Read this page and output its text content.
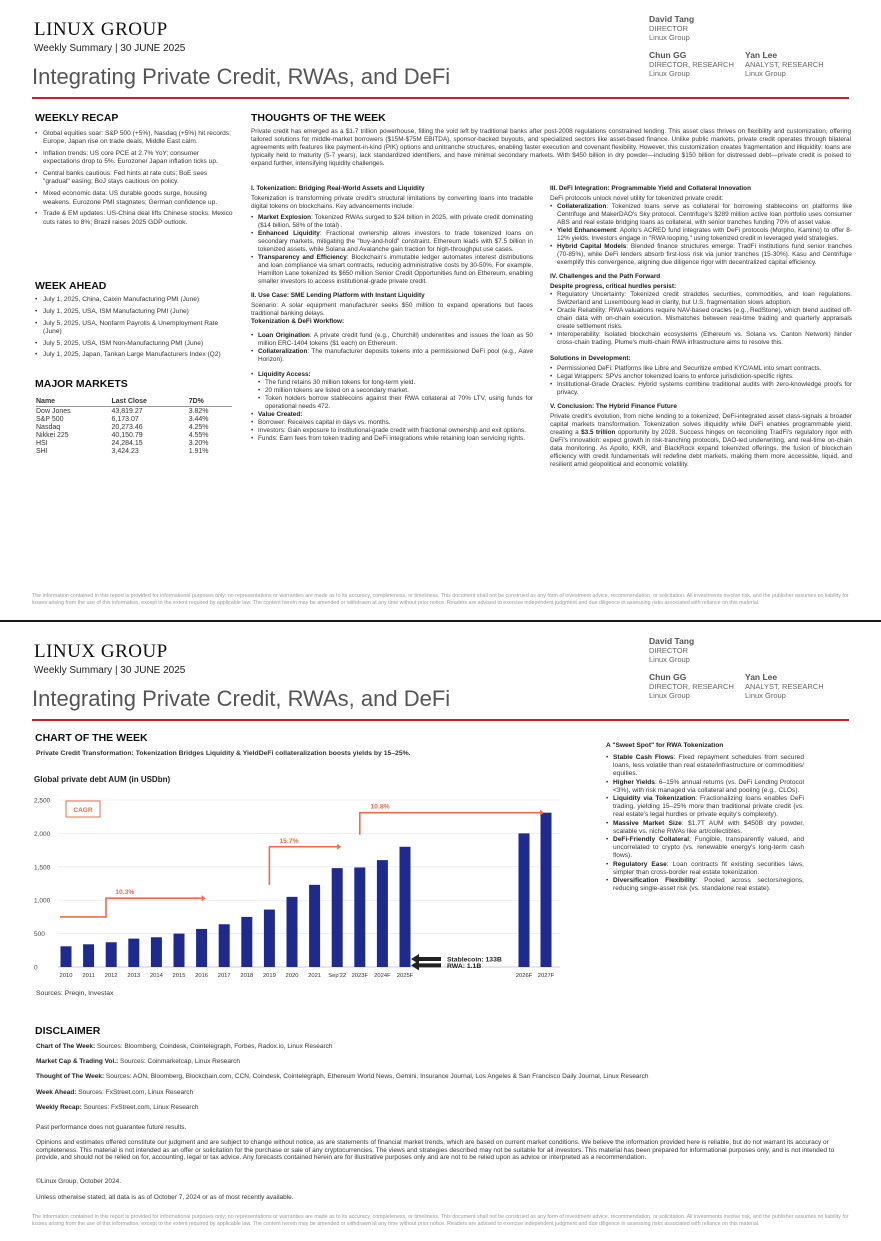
LINUX GROUP
Weekly Summary | 30 JUNE 2025
Integrating Private Credit, RWAs, and DeFi
David Tang
DIRECTOR
Linux Group
Chun GG
DIRECTOR, RESEARCH
Linux Group
Yan Lee
ANALYST, RESEARCH
Linux Group
WEEKLY RECAP
• Global equities soar: S&P 500 (+5%), Nasdaq (+5%) hit records; Europe, Japan rise on trade deals, Middle East calm.
• Inflation trends: US core PCE at 2.7% YoY; consumer expectations drop to 5%. Eurozone/ Japan inflation ticks up.
• Central banks cautious: Fed hints at rate cuts; BoE sees "gradual" easing; BoJ stays cautious on policy.
• Mixed economic data: US durable goods surge, housing weakens. Eurozone PMI stagnates; German confidence up.
• Trade & EM updates: US-China deal lifts Chinese stocks. Mexico cuts rates to 8%; Brazil raises 2025 GDP outlook.
WEEK AHEAD
• July 1, 2025, China, Caixin Manufacturing PMI (June)
• July 1, 2025, USA, ISM Manufacturing PMI (June)
• July 5, 2025, USA, Nonfarm Payrolls & Unemployment Rate (June)
• July 5, 2025, USA, ISM Non-Manufacturing PMI (June)
• July 1, 2025, Japan, Tankan Large Manufacturers Index (Q2)
MAJOR MARKETS
Name	Last Close	7D%
Dow Jones	43,819.27	3.82%
S&P 500	6,173.07	3.44%
Nasdaq	20,273.46	4.25%
Nikkei 225	40,150.79	4.55%
HSI	24,284.15	3.20%
SHI	3,424.23	1.91%
THOUGHTS OF THE WEEK
Private credit has emerged as a $1.7 trillion powerhouse, filling the void left by traditional banks after post-2008 regulations constrained lending. This asset class thrives on flexibility and customization, offering tailored solutions for middle-market borrowers ($15M-$75M EBITDA), sponsor-backed buyouts, and specialized sectors like asset-based finance. Unlike public markets, private credit operates through bilateral agreements with features like payment-in-kind (PIK) options and unitranche structures, enabling faster execution and covenant flexibility. However, this customization creates fragmentation and illiquidity: loans are typically held to maturity (5-7 years), lack standardized identifiers, and have minimal secondary markets. With $450 billion in dry powder—including $150 billion for distressed debt—private credit is poised to expand further, intensifying liquidity challenges.
I. Tokenization: Bridging Real-World Assets and Liquidity

Tokenization is transforming private credit's structural limitations by converting loans into tradable digital tokens on blockchains. Key advancements include:

• Market Explosion: Tokenized RWAs surged to $24 billion in 2025, with private credit dominating ($14 billion, 58% of the total) .
• Enhanced Liquidity: Fractional ownership allows investors to trade tokenized loans on secondary markets, mitigating the "buy-and-hold" constraint. Ethereum leads with $7.5 billion in tokenized assets, while Solana and Avalanche gain traction for high-throughput use cases.
• Transparency and Efficiency: Blockchain's immutable ledger automates interest distributions and loan compliance via smart contracts, reducing administrative costs by 30-50%. For example, Hamilton Lane tokenized its $650 million Senior Credit Opportunities fund on Ethereum, enabling smaller investors to access institutional-grade private credit.
II. Use Case: SME Lending Platform with Instant Liquidity

Scenario: A solar equipment manufacturer seeks $50 million to expand operations but faces traditional banking delays.

Tokenization & DeFi Workflow:

• Loan Origination: A private credit fund (e.g., Churchill) underwrites and issues the loan as 50 million ERC-1404 tokens ($1 each) on Ethereum.
• Collateralization: The manufacturer deposits tokens into a permissioned DeFi pool (e.g., Aave Horizon).
• Liquidity Access:
• The fund retains 30 million tokens for long-term yield.
• 20 million tokens are listed on a secondary market.
• Token holders borrow stablecoins against their RWA collateral at 70% LTV, using funds for operational needs 472.
• Value Created:
• Borrower: Receives capital in days vs. months.
• Investors: Gain exposure to institutional-grade credit with fractional ownership and exit options.
• Funds: Earn fees from token trading and DeFi integrations while retaining loan servicing rights.
III. DeFi Integration: Programmable Yield and Collateral Innovation

DeFi protocols unlock novel utility for tokenized private credit:

• Collateralization: Tokenized loans serve as collateral for borrowing stablecoins on platforms like Centrifuge and MakerDAO's Sky protocol. Centrifuge's $289 million active loan portfolio uses consumer ABS and real estate bridging loans as collateral, with senior tranches funding 70% of asset value.
• Yield Enhancement: Apollo's ACRED fund integrates with DeFi protocols (Morpho, Kamino) to offer 8-12% yields. Investors engage in "RWA looping," using tokenized credit in leveraged yield strategies.
• Hybrid Capital Models: Blended finance structures emerge: TradFi institutions fund senior tranches (70-85%), while DeFi lenders absorb first-loss risk via junior tranches (15-30%). Kasu and Centrifuge exemplify this convergence, aligning due diligence rigor with decentralized capital efficiency.
IV. Challenges and the Path Forward

Despite progress, critical hurdles persist:

• Regulatory Uncertainty: Tokenized credit straddles securities, commodities, and loan regulations. Switzerland and Luxembourg lead in clarity, but U.S. fragmentation slows adoption.
• Oracle Reliability: RWA valuations require NAV-based oracles (e.g., RedStone), which blend audited off-chain data with on-chain execution. Mismatches between real-time trading and quarterly appraisals create settlement risks.
• Interoperability: Isolated blockchain ecosystems (Ethereum vs. Solana vs. Canton Network) hinder cross-chain trading. Plume's multi-chain RWA infrastructure aims to resolve this.
Solutions in Development:
• Permissioned DeFi: Platforms like Libre and Securitize embed KYC/AML into smart contracts.
• Legal Wrappers: SPVs anchor tokenized loans to enforce jurisdiction-specific rights.
• Institutional-Grade Oracles: Hybrid systems combine traditional audits with zero-knowledge proofs for privacy.
V. Conclusion: The Hybrid Finance Future

Private credit's evolution, from niche lending to a tokenized, DeFi-integrated asset class-signals a broader capital markets transformation. Tokenization solves illiquidity while DeFi enables programmable yield, creating a $3.5 trillion opportunity by 2028. Success hinges on reconciling TradFi's regulatory rigor with DeFi's innovation: expect growth in risk-tranching protocols, DAO-led underwriting, and real-time on-chain data monitoring. As Apollo, KKR, and BlackRock expand tokenized offerings, the fusion of blockchain efficiency with credit fundamentals will redefine debt markets, making them more accessible, liquid, and resilient amid geopolitical and economic volatility.

The information contained in this report is provided for informational purposes only; no representations or warranties are made as to its accuracy, completeness, or timeliness. This document shall not be construed as any form of investment advice, recommendation, or solicitation. All investments involve risk, and the publisher assumes no liability for losses arising from the use of this information, except to the extent required by applicable law. The content herein may be amended or withdrawn at any time without prior notice. Readers are advised to exercise independent judgment and due diligence in assessing risks associated with reliance on this material.
LINUX GROUP
Weekly Summary | 30 JUNE 2025
Integrating Private Credit, RWAs, and DeFi
David Tang
DIRECTOR
Linux Group
Chun GG
DIRECTOR, RESEARCH
Linux Group
Yan Lee
ANALYST, RESEARCH
Linux Group
CHART OF THE WEEK
Private Credit Transformation: Tokenization Bridges Liquidity & YieldDeFi collateralization boosts yields by 15–25%.
Global private debt AUM (in USDbn)
0
500
1,000
1,500
2,000
2,500
2010 2011 2012 2013 2014 2015 2016 2017 2018 2019 2020 2021 Sep'22 2023F 2024F 2025F	2026F 2027F
CAGR
10.3%
15.7%
10.8%
Stablecoin: 133B
RWA: 1.1B
Sources: Preqin, Investax
A "Sweet Spot" for RWA Tokenization
• Stable Cash Flows: Fixed repayment schedules from secured loans, less volatile than real estate/infrastructure or commodities/ equities.
• Higher Yields: 6–15% annual returns (vs. DeFi Lending Protocol <3%), with risk managed via collateral and pooling (e.g., CLOs).
• Liquidity via Tokenization: Fractionalizing loans enables DeFi trading, yielding 15–25% more than traditional private credit (vs. real estate's legal hurdles or private equity's complexity).
• Massive Market Size: $1.7T AUM with $450B dry powder, scalable vs. niche RWAs like art/collectibles.
• DeFi-Friendly Collateral: Fungible, transparently valued, and uncorrelated to crypto (vs. renewable energy's long-term cash flows).
• Regulatory Ease: Loan contracts fit existing securities laws, simpler than cross-border real estate tokenization.
• Diversification Flexibility: Pooled across sectors/regions, reducing single-asset risk (vs. standalone real estate).
DISCLAIMER
Chart of The Week: Sources: Bloomberg, Coindesk, Cointelegraph, Forbes, Radox.io, Linux Research
Market Cap & Trading Vol.: Sources: Coinmarketcap, Linux Research
Thought of The Week: Sources: AON, Bloomberg, Blockchain.com, CCN, Coindesk, Cointelegraph, Ethereum World News, Gemini, Insurance Journal, Los Angeles & San Francisco Daily Journal, Linux Research
Week Ahead: Sources: FxStreet.com, Linux Research
Weekly Recap: Sources: FxStreet.com, Linux Research
Past performance does not guarantee future results.
Opinions and estimates offered constitute our judgment and are subject to change without notice, as are statements of financial market trends, which are based on current market conditions. We believe the information provided here is reliable, but do not warrant its accuracy or completeness. This material is not intended as an offer or solicitation for the purchase or sale of any cryptocurrencies. The views and strategies described may not be suitable for all investors. This material has been prepared for informational purposes only, and is not intended to provide, and should not be relied on for, accounting, legal or tax advice. Any forecasts contained herein are for illustrative purposes only and are not to be relied upon as advice or interpreted as a recommendation.
©Linux Group, October 2024.
Unless otherwise stated, all data is as of October 7, 2024 or as of most recently available.
The information contained in this report is provided for informational purposes only; no representations or warranties are made as to its accuracy, completeness, or timeliness. This document shall not be construed as any form of investment advice, recommendation, or solicitation. All investments involve risk, and the publisher assumes no liability for losses arising from the use of this information, except to the extent required by applicable law. The content herein may be amended or withdrawn at any time without prior notice. Readers are advised to exercise independent judgment and due diligence in assessing risks associated with reliance on this material.
